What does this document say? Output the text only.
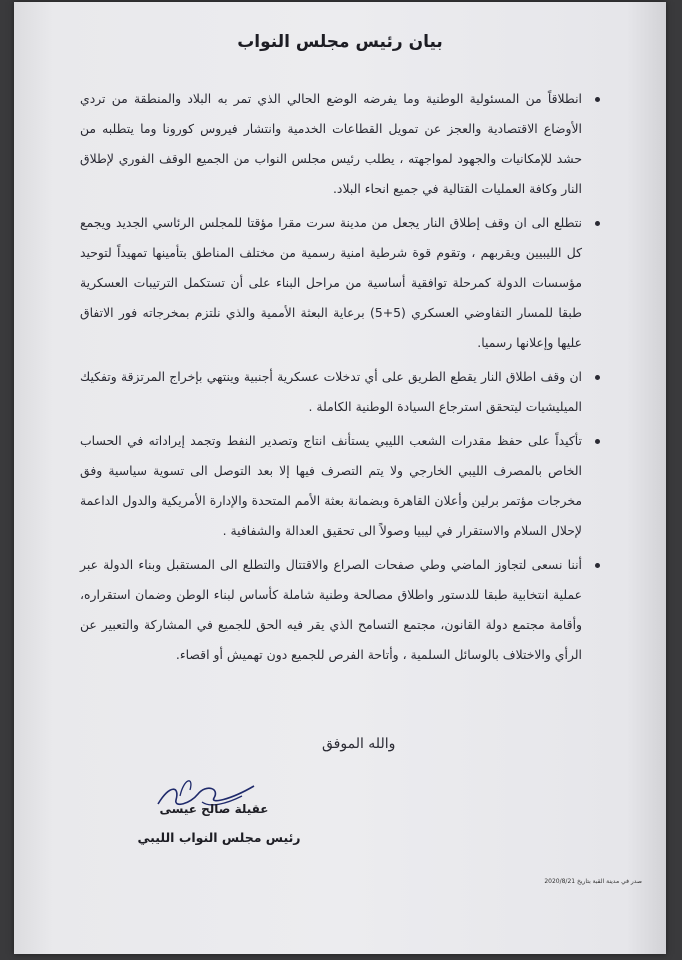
بيان رئيس مجلس النواب
انطلاقاً من المسئولية الوطنية وما يفرضه الوضع الحالي الذي تمر به البلاد والمنطقة من تردي الأوضاع الاقتصادية والعجز عن تمويل القطاعات الخدمية وانتشار فيروس كورونا وما يتطلبه من حشد للإمكانيات والجهود لمواجهته ، يطلب رئيس مجلس النواب من الجميع الوقف الفوري لإطلاق النار وكافة العمليات القتالية في جميع انحاء البلاد.
نتطلع الى ان وقف إطلاق النار يجعل من مدينة سرت مقرا مؤقتا للمجلس الرئاسي الجديد ويجمع كل الليبيين ويقربهم ، وتقوم قوة شرطية امنية رسمية من مختلف المناطق بتأمينها تمهيداً لتوحيد مؤسسات الدولة كمرحلة توافقية أساسية من مراحل البناء على أن تستكمل الترتيبات العسكرية طبقا للمسار التفاوضي العسكري (5+5) برعاية البعثة الأممية والذي نلتزم بمخرجاته فور الاتفاق عليها وإعلانها رسميا.
ان وقف اطلاق النار يقطع الطريق على أي تدخلات عسكرية أجنبية وينتهي بإخراج المرتزقة وتفكيك الميليشيات ليتحقق استرجاع السيادة الوطنية الكاملة .
تأكيداً على حفظ مقدرات الشعب الليبي يستأنف انتاج وتصدير النفط وتجمد إيراداته في الحساب الخاص بالمصرف الليبي الخارجي ولا يتم التصرف فيها إلا بعد التوصل الى تسوية سياسية وفق مخرجات مؤتمر برلين وأعلان القاهرة وبضمانة بعثة الأمم المتحدة والإدارة الأمريكية والدول الداعمة لإحلال السلام والاستقرار في ليبيا وصولاً الى تحقيق العدالة والشفافية .
أننا نسعى لتجاوز الماضي وطي صفحات الصراع والاقتتال والتطلع الى المستقبل وبناء الدولة عبر عملية انتخابية طبقا للدستور واطلاق مصالحة وطنية شاملة كأساس لبناء الوطن وضمان استقراره، وأقامة مجتمع دولة القانون، مجتمع التسامح الذي يقر فيه الحق للجميع في المشاركة والتعبير عن الرأي والاختلاف بالوسائل السلمية ، وأتاحة الفرص للجميع دون تهميش أو اقصاء.
والله الموفق
عقيلة صالح عيسى
رئيس مجلس النواب الليبي
صدر في مدينة القبة بتاريخ 2020/8/21
